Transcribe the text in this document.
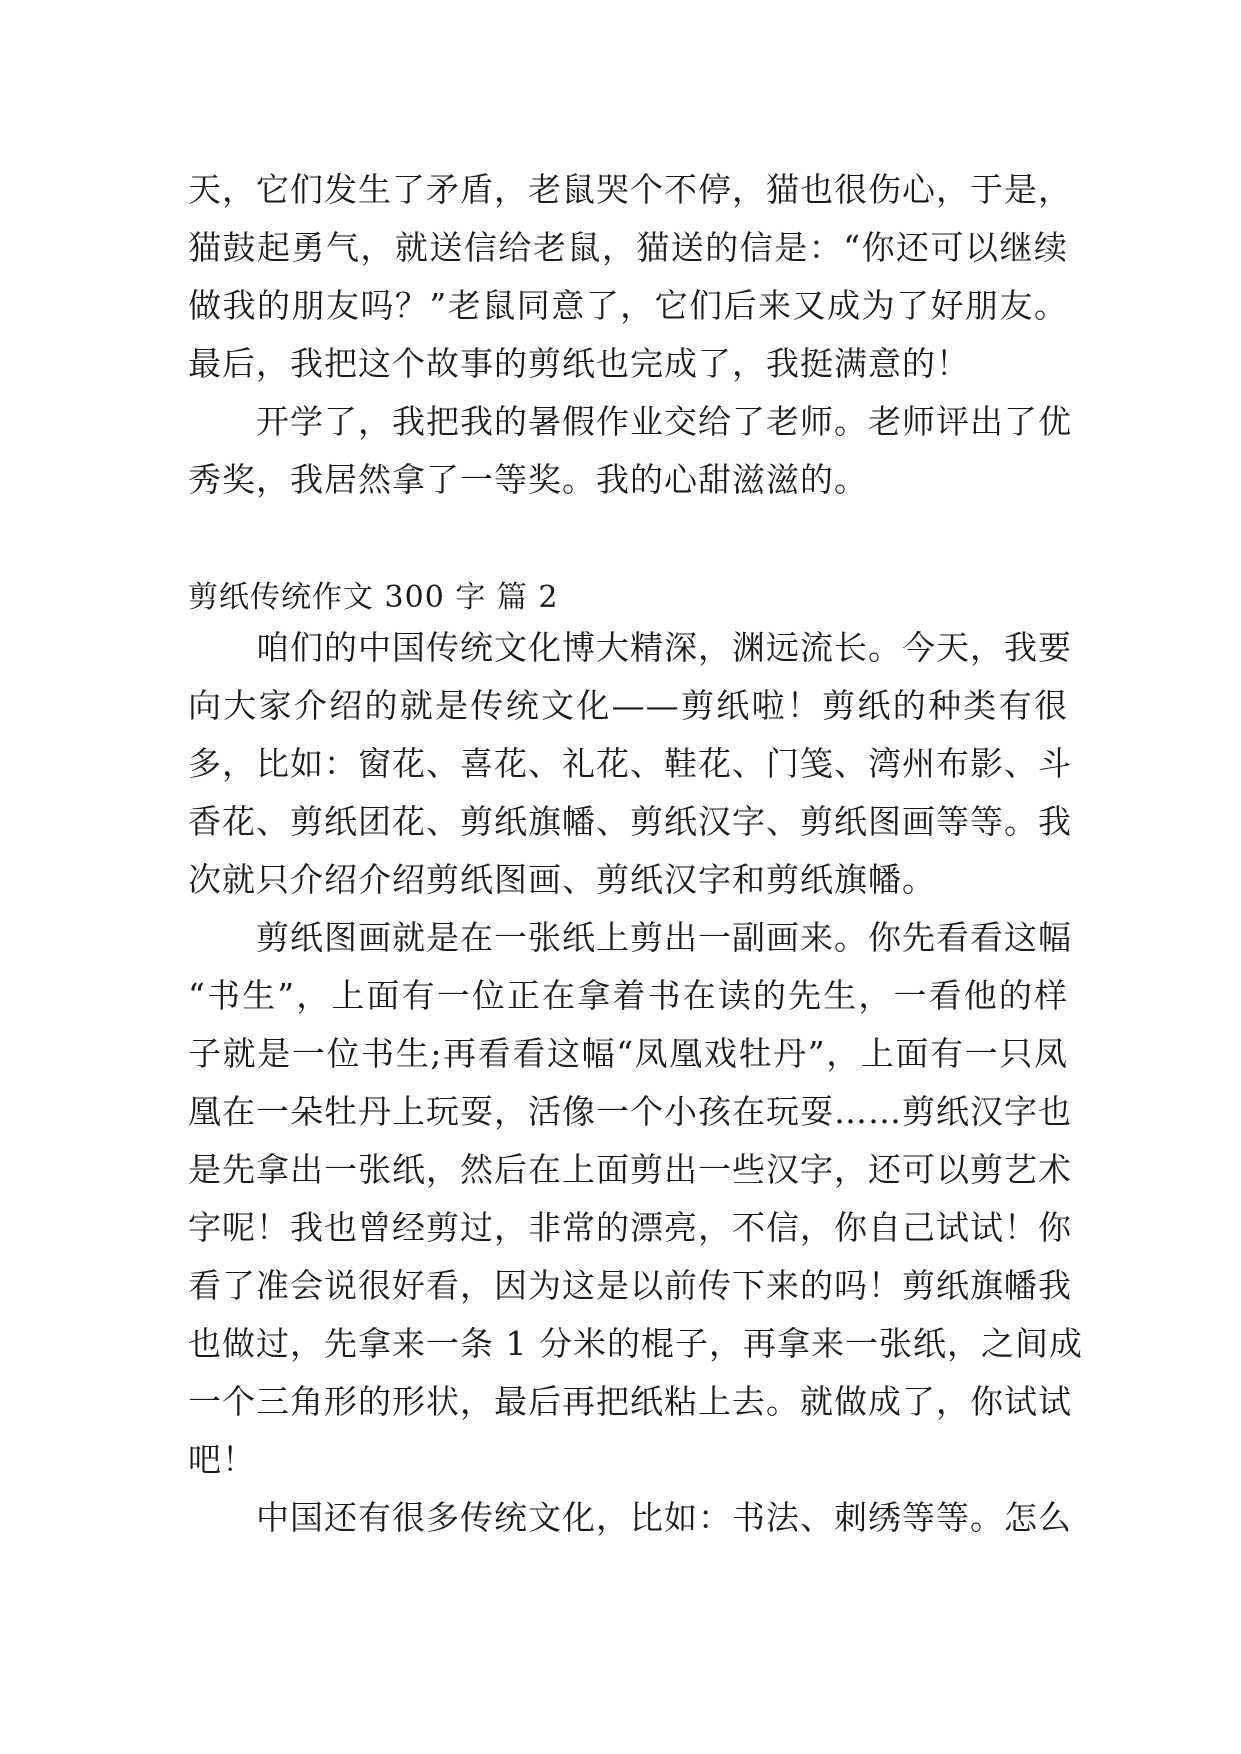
天，它们发生了矛盾，老鼠哭个不停，猫也很伤心，于是，
猫鼓起勇气，就送信给老鼠，猫送的信是：“你还可以继续
做我的朋友吗？”老鼠同意了，它们后来又成为了好朋友。
最后，我把这个故事的剪纸也完成了，我挺满意的！
开学了，我把我的暑假作业交给了老师。老师评出了优
秀奖，我居然拿了一等奖。我的心甜滋滋的。
剪纸传统作文 300 字 篇 2
咱们的中国传统文化博大精深，渊远流长。今天，我要
向大家介绍的就是传统文化——剪纸啦！剪纸的种类有很
多，比如：窗花、喜花、礼花、鞋花、门笺、湾州布影、斗
香花、剪纸团花、剪纸旗幡、剪纸汉字、剪纸图画等等。我
次就只介绍介绍剪纸图画、剪纸汉字和剪纸旗幡。
剪纸图画就是在一张纸上剪出一副画来。你先看看这幅
“书生”，上面有一位正在拿着书在读的先生，一看他的样
子就是一位书生;再看看这幅“凤凰戏牡丹”，上面有一只凤
凰在一朵牡丹上玩耍，活像一个小孩在玩耍……剪纸汉字也
是先拿出一张纸，然后在上面剪出一些汉字，还可以剪艺术
字呢！我也曾经剪过，非常的漂亮，不信，你自己试试！你
看了准会说很好看，因为这是以前传下来的吗！剪纸旗幡我
也做过，先拿来一条 1 分米的棍子，再拿来一张纸，之间成
一个三角形的形状，最后再把纸粘上去。就做成了，你试试
吧！
中国还有很多传统文化，比如：书法、刺绣等等。怎么
